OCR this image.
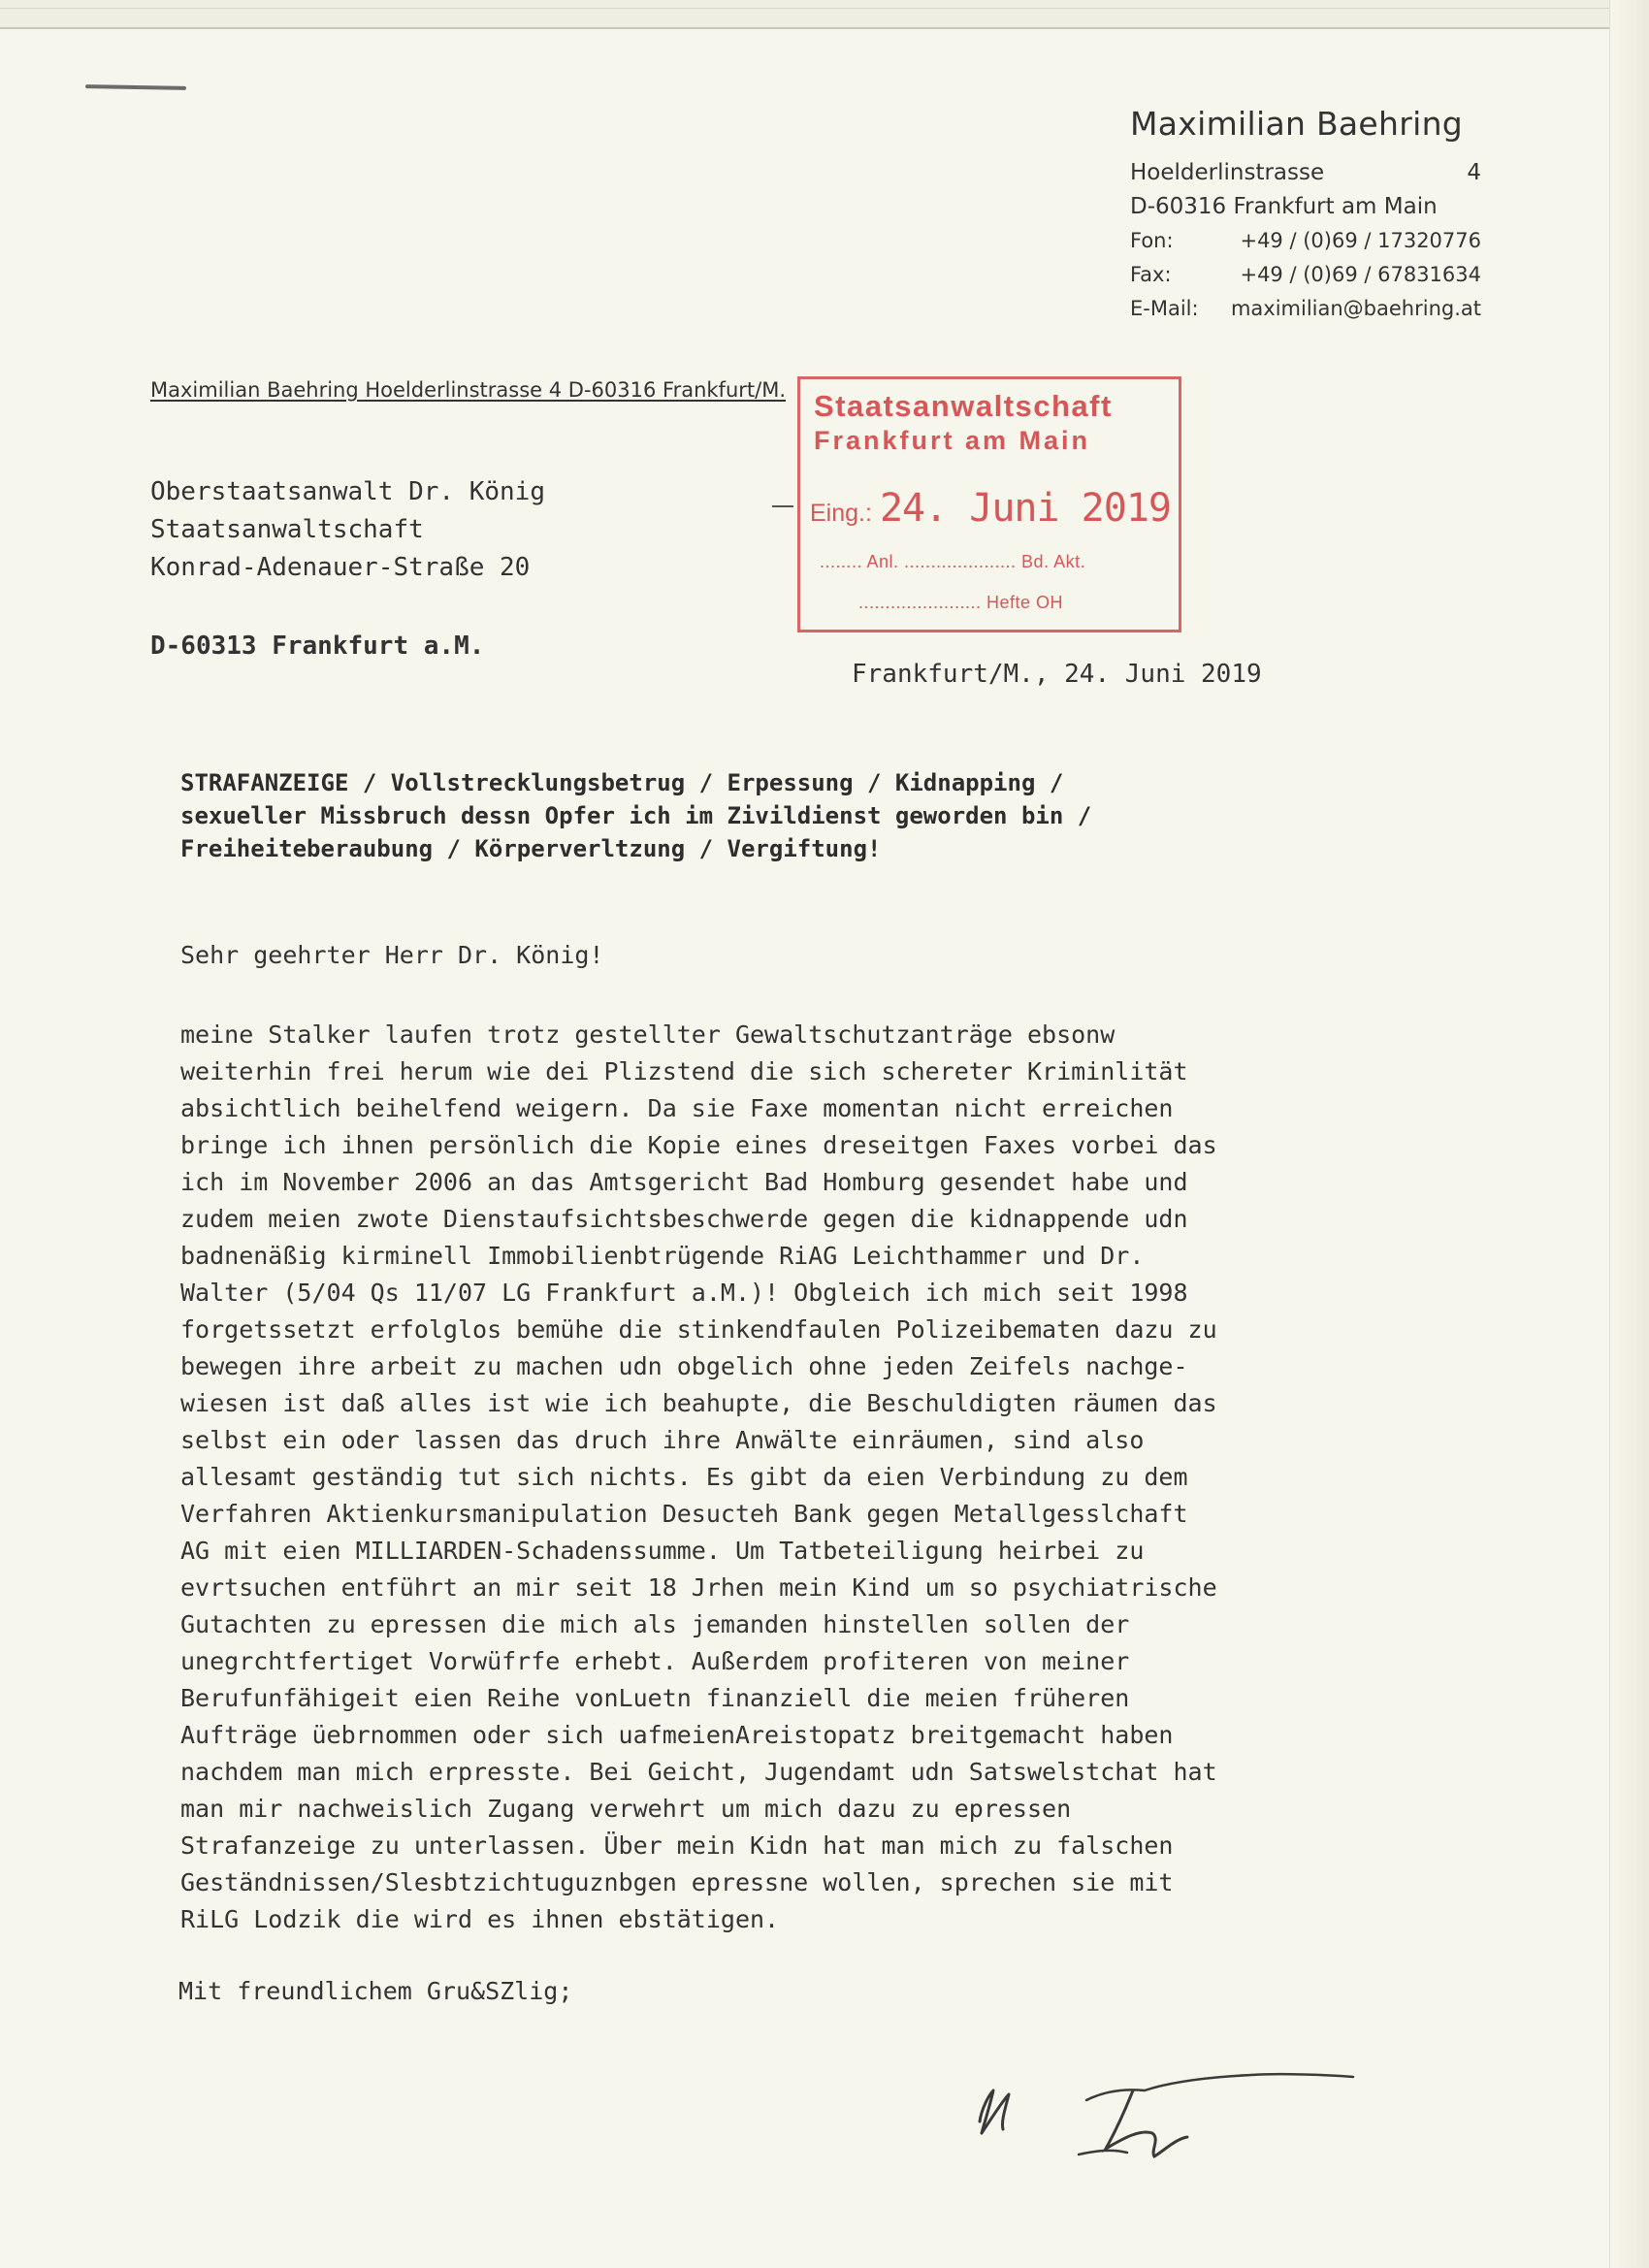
Maximilian Baehring
Hoelderlinstrasse	4
D-60316 Frankfurt am Main
Fon:	+49 / (0)69 / 17320776
Fax:	+49 / (0)69 / 67831634
E-Mail:	maximilian@baehring.at
Maximilian Baehring Hoelderlinstrasse 4 D-60316 Frankfurt/M. Staatsanwaltschaft
Frankfurt am Main
Eing.: 24. Juni 2019
........ Anl. ..................... Bd. Akt.
....................... Hefte OH
Oberstaatsanwalt Dr. König
Staatsanwaltschaft
Konrad-Adenauer-Straße 20
D-60313 Frankfurt a.M.
Frankfurt/M., 24. Juni 2019
STRAFANZEIGE / Vollstrecklungsbetrug / Erpessung / Kidnapping /
sexueller Missbruch dessn Opfer ich im Zivildienst geworden bin /
Freiheiteberaubung / Körperverltzung / Vergiftung!
Sehr geehrter Herr Dr. König!
meine Stalker laufen trotz gestellter Gewaltschutzanträge ebsonw
weiterhin frei herum wie dei Plizstend die sich schereter Kriminlität
absichtlich beihelfend weigern. Da sie Faxe momentan nicht erreichen
bringe ich ihnen persönlich die Kopie eines dreseitgen Faxes vorbei das
ich im November 2006 an das Amtsgericht Bad Homburg gesendet habe und
zudem meien zwote Dienstaufsichtsbeschwerde gegen die kidnappende udn
badnenäßig kirminell Immobilienbtrügende RiAG Leichthammer und Dr.
Walter (5/04 Qs 11/07 LG Frankfurt a.M.)! Obgleich ich mich seit 1998
forgetssetzt erfolglos bemühe die stinkendfaulen Polizeibematen dazu zu
bewegen ihre arbeit zu machen udn obgelich ohne jeden Zeifels nachge-
wiesen ist daß alles ist wie ich beahupte, die Beschuldigten räumen das
selbst ein oder lassen das druch ihre Anwälte einräumen, sind also
allesamt geständig tut sich nichts. Es gibt da eien Verbindung zu dem
Verfahren Aktienkursmanipulation Desucteh Bank gegen Metallgesslchaft
AG mit eien MILLIARDEN-Schadenssumme. Um Tatbeteiligung heirbei zu
evrtsuchen entführt an mir seit 18 Jrhen mein Kind um so psychiatrische
Gutachten zu epressen die mich als jemanden hinstellen sollen der
unegrchtfertiget Vorwüfrfe erhebt. Außerdem profiteren von meiner
Berufunfähigeit eien Reihe vonLuetn finanziell die meien früheren
Aufträge üebrnommen oder sich uafmeienAreistopatz breitgemacht haben
nachdem man mich erpresste. Bei Geicht, Jugendamt udn Satswelstchat hat
man mir nachweislich Zugang verwehrt um mich dazu zu epressen
Strafanzeige zu unterlassen. Über mein Kidn hat man mich zu falschen
Geständnissen/Slesbtzichtuguznbgen epressne wollen, sprechen sie mit
RiLG Lodzik die wird es ihnen ebstätigen.
Mit freundlichem Gru&SZlig;
